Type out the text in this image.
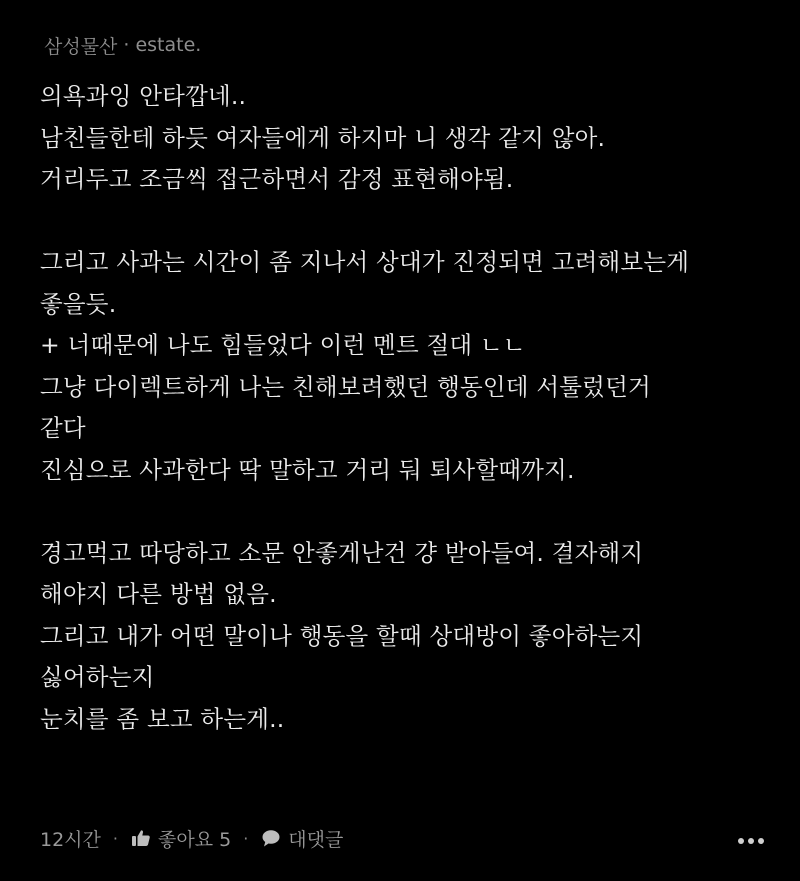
삼성물산 · estate.
의욕과잉 안타깝네..
남친들한테 하듯 여자들에게 하지마 니 생각 같지 않아.
거리두고 조금씩 접근하면서 감정 표현해야됨.
그리고 사과는 시간이 좀 지나서 상대가 진정되면 고려해보는게
좋을듯.
+ 너때문에 나도 힘들었다 이런 멘트 절대 ㄴㄴ
그냥 다이렉트하게 나는 친해보려했던 행동인데 서툴렀던거
같다
진심으로 사과한다 딱 말하고 거리 둬 퇴사할때까지.
경고먹고 따당하고 소문 안좋게난건 걍 받아들여. 결자해지
해야지 다른 방법 없음.
그리고 내가 어떤 말이나 행동을 할때 상대방이 좋아하는지
싫어하는지
눈치를 좀 보고 하는게..
12시간 · 좋아요 5 · 대댓글
